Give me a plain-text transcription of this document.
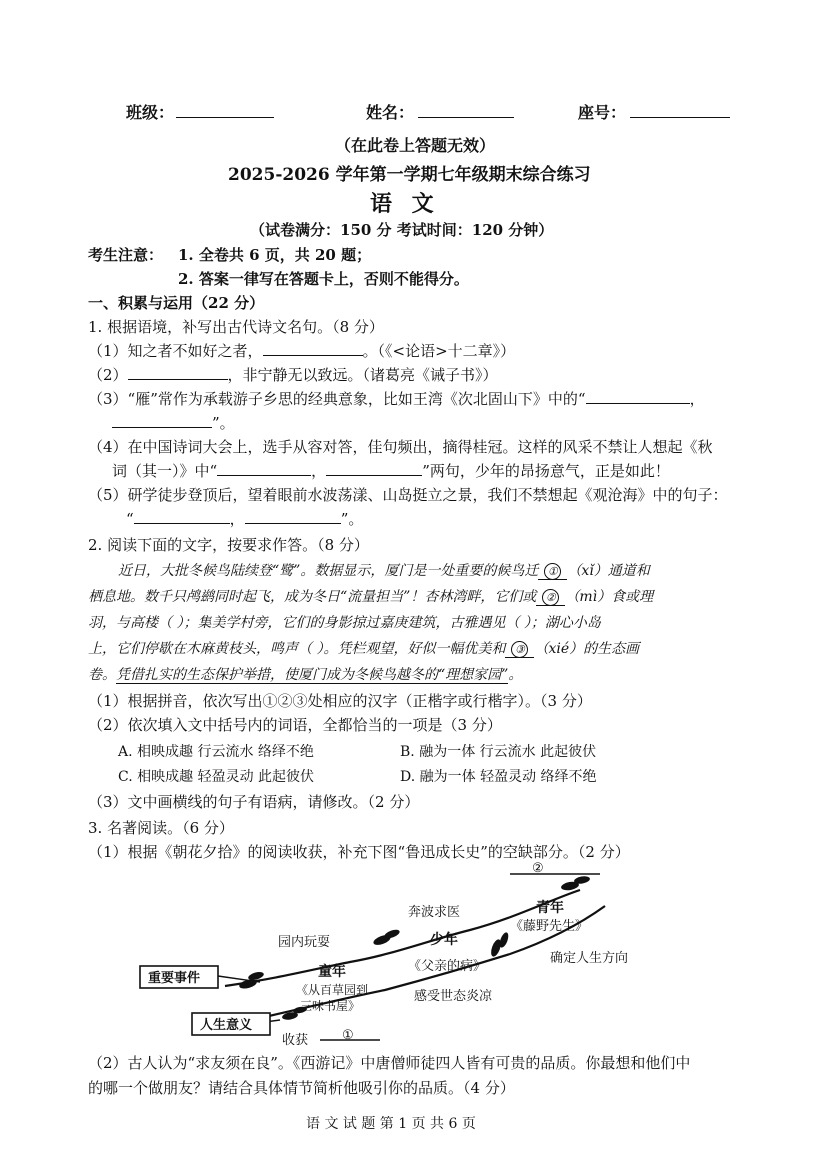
班级：	姓名：	座号：
（在此卷上答题无效）
2025-2026 学年第一学期七年级期末综合练习
语 文
（试卷满分：150 分 考试时间：120 分钟）
考生注意： 1. 全卷共 6 页，共 20 题；
2. 答案一律写在答题卡上，否则不能得分。
一、积累与运用（22 分）
1. 根据语境，补写出古代诗文名句。（8 分）
（1）知之者不如好之者，	。（《<论语>十二章》）
（2）	，非宁静无以致远。（诸葛亮《诫子书》）
（3）“雁”常作为承载游子乡思的经典意象，比如王湾《次北固山下》中的“	，
”。
（4）在中国诗词大会上，选手从容对答，佳句频出，摘得桂冠。这样的风采不禁让人想起《秋
词（其一）》中“	，	”两句，少年的昂扬意气，正是如此！
（5）研学徒步登顶后，望着眼前水波荡漾、山岛挺立之景，我们不禁想起《观沧海》中的句子：
“	，	”。
2. 阅读下面的文字，按要求作答。（8 分）
近日，大批冬候鸟陆续登“鹭”。数据显示，厦门是一处重要的候鸟迁 ① （xǐ）通道和
栖息地。数千只鸬鹚同时起飞，成为冬日“流量担当”！杏林湾畔，它们或 ② （mì）食或理
羽，与高楼（ ）；集美学村旁，它们的身影掠过嘉庚建筑，古雅遇见（ ）；湖心小岛
上，它们停歇在木麻黄枝头，鸣声（ ）。凭栏观望，好似一幅优美和 ③ （xié）的生态画
卷。凭借扎实的生态保护举措，使厦门成为冬候鸟越冬的“理想家园”。
（1）根据拼音，依次写出①②③处相应的汉字（正楷字或行楷字）。（3 分）
（2）依次填入文中括号内的词语，全都恰当的一项是（3 分）
A. 相映成趣 行云流水 络绎不绝	B. 融为一体 行云流水 此起彼伏
C. 相映成趣 轻盈灵动 此起彼伏	D. 融为一体 轻盈灵动 络绎不绝
（3）文中画横线的句子有语病，请修改。（2 分）
3. 名著阅读。（6 分）
（1）根据《朝花夕拾》的阅读收获，补充下图“鲁迅成长史”的空缺部分。（2 分）
重要事件
人生意义
园内玩耍
童年
《从百草园到
三味书屋》
收获	①
奔波求医
少年
《父亲的病》
感受世态炎凉
青年
《藤野先生》
确定人生方向
②
（2）古人认为“求友须在良”。《西游记》中唐僧师徒四人皆有可贵的品质。你最想和他们中
的哪一个做朋友？请结合具体情节简析他吸引你的品质。（4 分）
语 文 试 题 第 1 页 共 6 页
